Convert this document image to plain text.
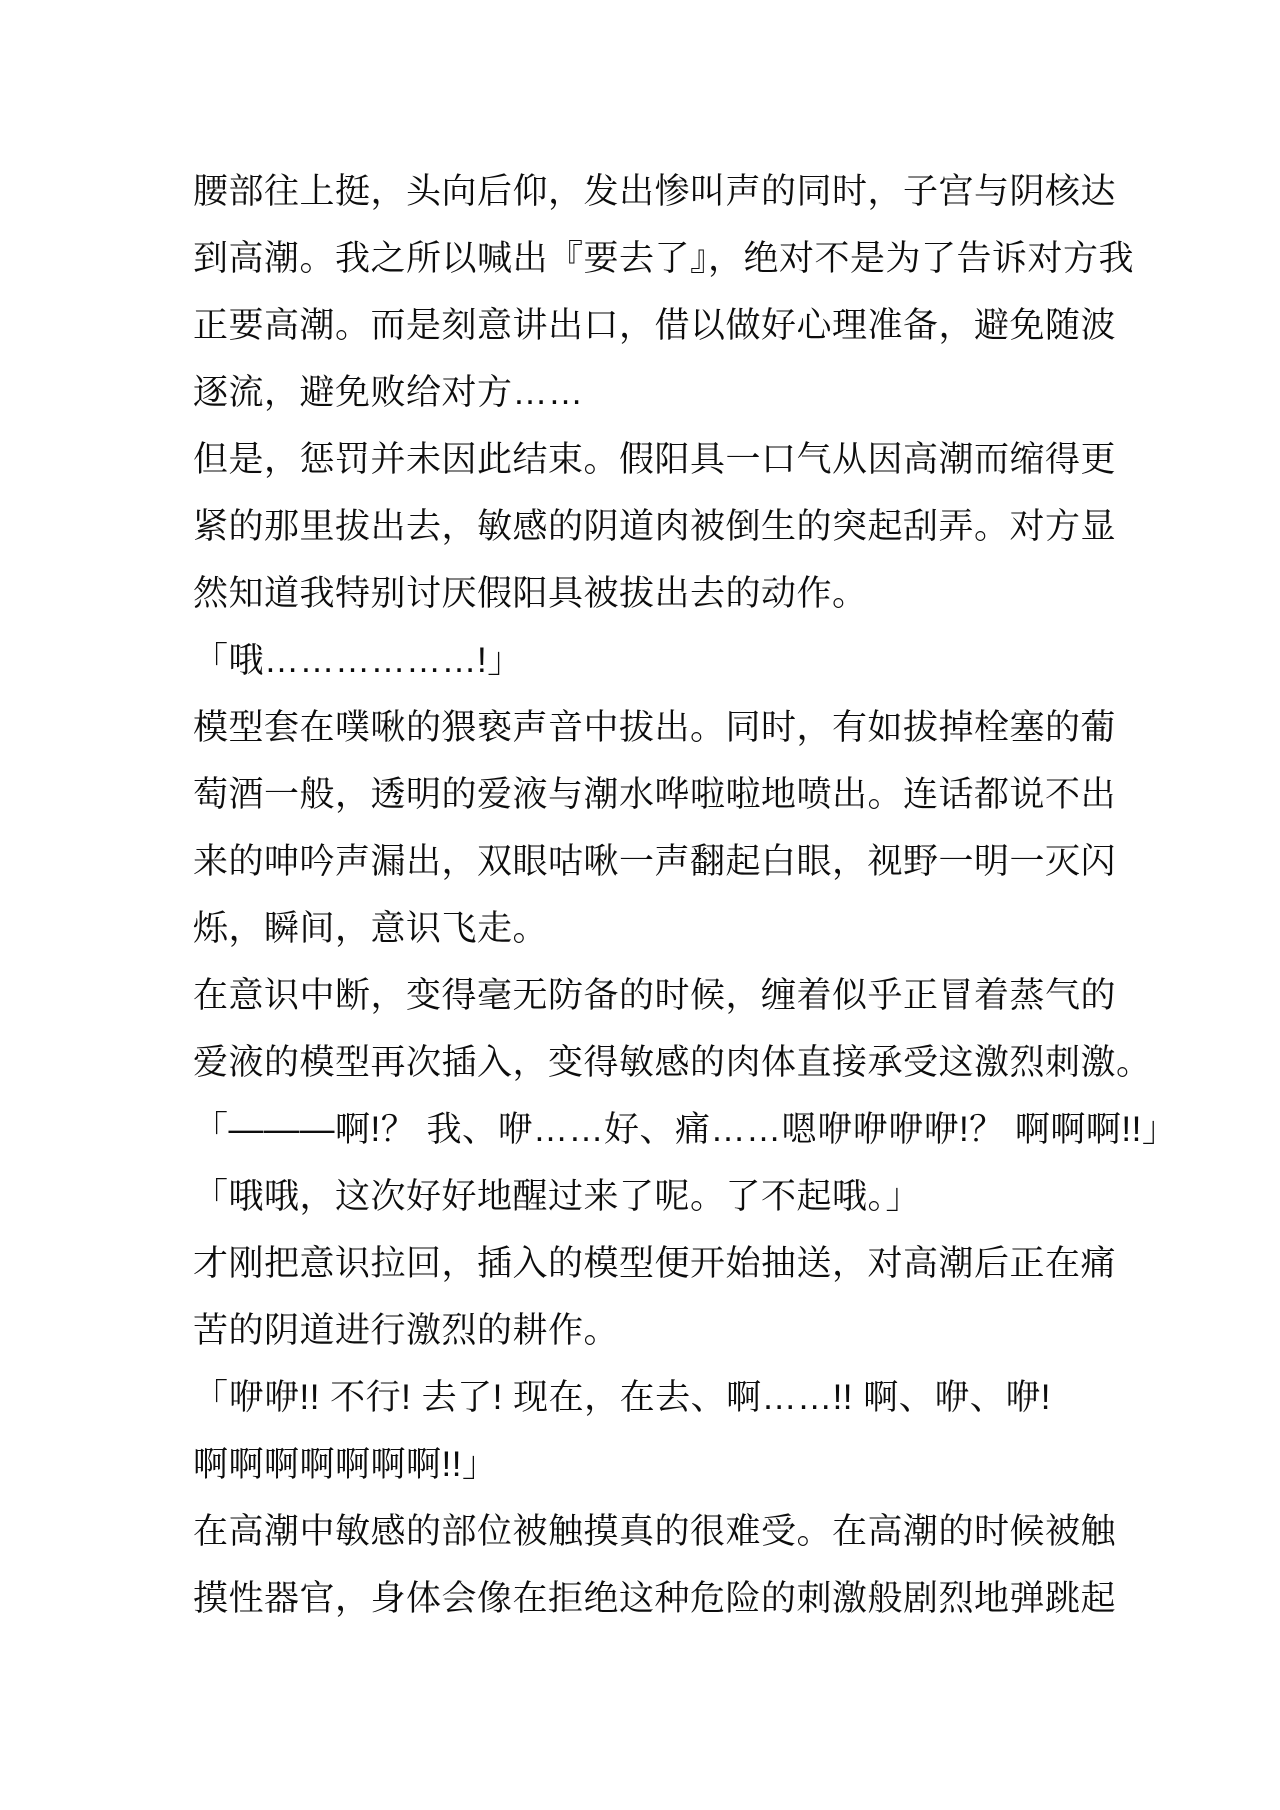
腰部往上挺，头向后仰，发出惨叫声的同时，子宫与阴核达
到高潮。我之所以喊出『要去了』，绝对不是为了告诉对方我
正要高潮。而是刻意讲出口，借以做好心理准备，避免随波
逐流，避免败给对方……
但是，惩罚并未因此结束。假阳具一口气从因高潮而缩得更
紧的那里拔出去，敏感的阴道肉被倒生的突起刮弄。对方显
然知道我特别讨厌假阳具被拔出去的动作。
「哦………………!」
模型套在噗啾的猥亵声音中拔出。同时，有如拔掉栓塞的葡
萄酒一般，透明的爱液与潮水哗啦啦地喷出。连话都说不出
来的呻吟声漏出，双眼咕啾一声翻起白眼，视野一明一灭闪
烁，瞬间，意识飞走。
在意识中断，变得毫无防备的时候，缠着似乎正冒着蒸气的
爱液的模型再次插入，变得敏感的肉体直接承受这激烈刺激。
「———啊!？ 我、咿……好、痛……嗯咿咿咿咿!？ 啊啊啊!!」
「哦哦，这次好好地醒过来了呢。了不起哦。」
才刚把意识拉回，插入的模型便开始抽送，对高潮后正在痛
苦的阴道进行激烈的耕作。
「咿咿!! 不行! 去了! 现在，在去、啊……!! 啊、咿、咿!
啊啊啊啊啊啊啊!!」
在高潮中敏感的部位被触摸真的很难受。在高潮的时候被触
摸性器官，身体会像在拒绝这种危险的刺激般剧烈地弹跳起
